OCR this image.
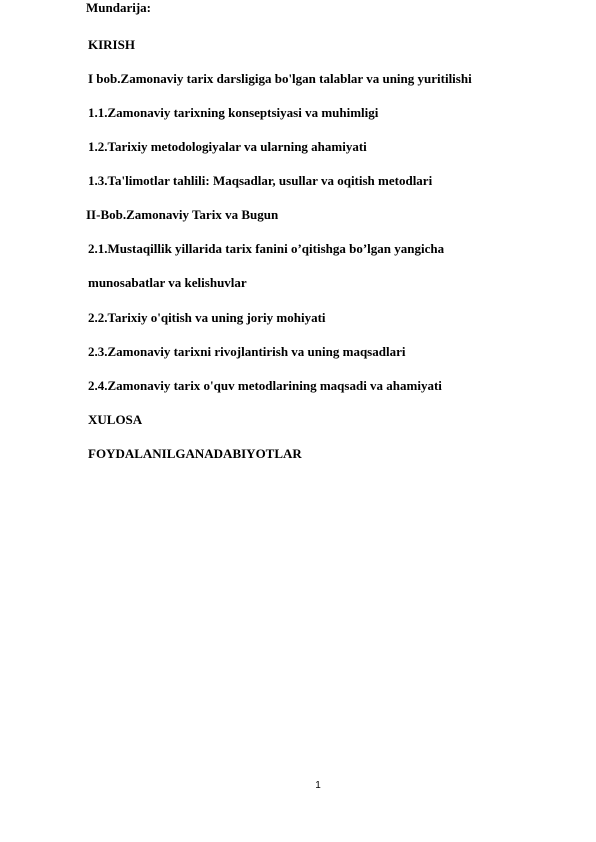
Mundarija:
KIRISH
I bob.Zamonaviy tarix darsligiga bo'lgan talablar va uning yuritilishi
1.1.Zamonaviy tarixning konseptsiyasi va muhimligi
1.2.Tarixiy metodologiyalar va ularning ahamiyati
1.3.Ta'limotlar tahlili: Maqsadlar, usullar va oqitish metodlari
II-Bob.Zamonaviy Tarix va Bugun
2.1.Mustaqillik yillarida tarix fanini o’qitishga bo’lgan yangicha
munosabatlar va kelishuvlar
2.2.Tarixiy o'qitish va uning joriy mohiyati
2.3.Zamonaviy tarixni rivojlantirish va uning maqsadlari
2.4.Zamonaviy tarix o'quv metodlarining maqsadi va ahamiyati
XULOSA
FOYDALANILGANADABIYOTLAR
1
